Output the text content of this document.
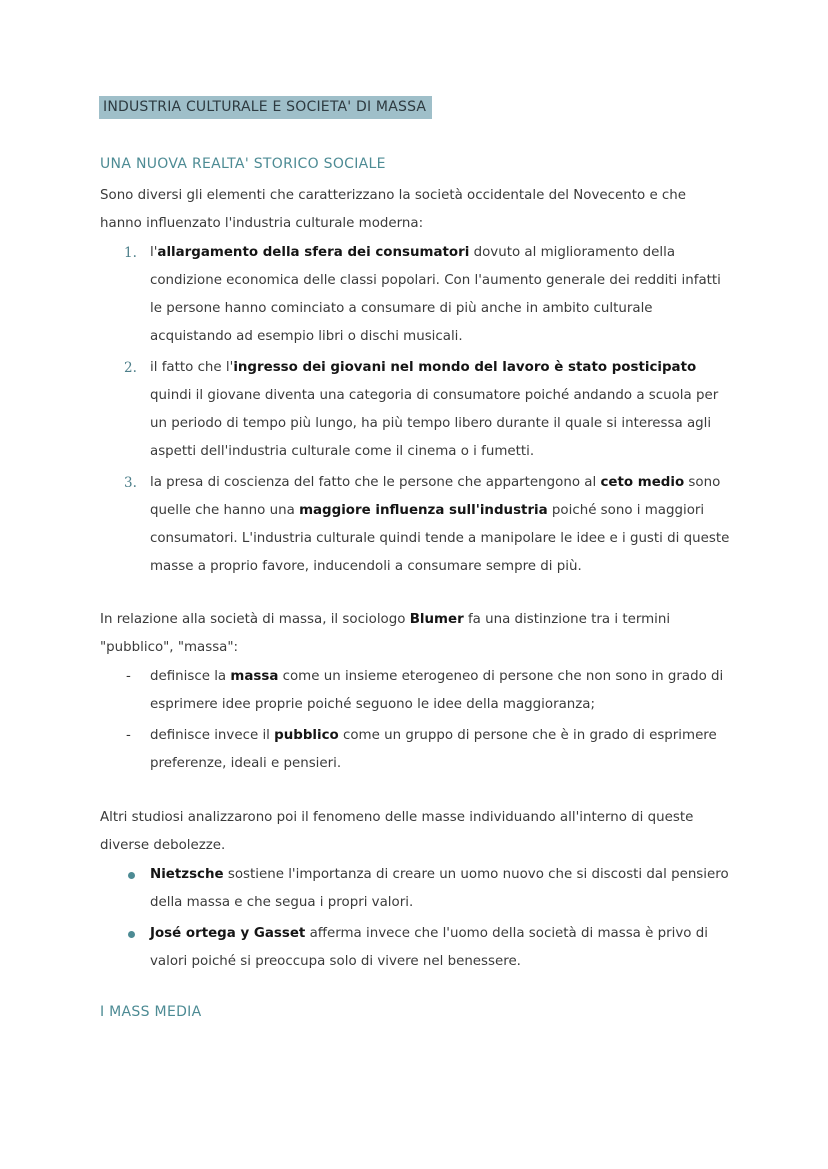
INDUSTRIA CULTURALE E SOCIETA' DI MASSA
UNA NUOVA REALTA' STORICO SOCIALE

Sono diversi gli elementi che caratterizzano la società occidentale del Novecento e che hanno influenzato l'industria culturale moderna:

1. l'allargamento della sfera dei consumatori dovuto al miglioramento della condizione economica delle classi popolari. Con l'aumento generale dei redditi infatti le persone hanno cominciato a consumare di più anche in ambito culturale acquistando ad esempio libri o dischi musicali.
2. il fatto che l'ingresso dei giovani nel mondo del lavoro è stato posticipato quindi il giovane diventa una categoria di consumatore poiché andando a scuola per un periodo di tempo più lungo, ha più tempo libero durante il quale si interessa agli aspetti dell'industria culturale come il cinema o i fumetti.
3. la presa di coscienza del fatto che le persone che appartengono al ceto medio sono quelle che hanno una maggiore influenza sull'industria poiché sono i maggiori consumatori. L'industria culturale quindi tende a manipolare le idee e i gusti di queste masse a proprio favore, inducendoli a consumare sempre di più.

In relazione alla società di massa, il sociologo Blumer fa una distinzione tra i termini "pubblico", "massa":

- definisce la massa come un insieme eterogeneo di persone che non sono in grado di esprimere idee proprie poiché seguono le idee della maggioranza;
- definisce invece il pubblico come un gruppo di persone che è in grado di esprimere preferenze, ideali e pensieri.

Altri studiosi analizzarono poi il fenomeno delle masse individuando all'interno di queste diverse debolezze.

Nietzsche sostiene l'importanza di creare un uomo nuovo che si discosti dal pensiero della massa e che segua i propri valori.
José ortega y Gasset afferma invece che l'uomo della società di massa è privo di valori poiché si preoccupa solo di vivere nel benessere.
I MASS MEDIA
